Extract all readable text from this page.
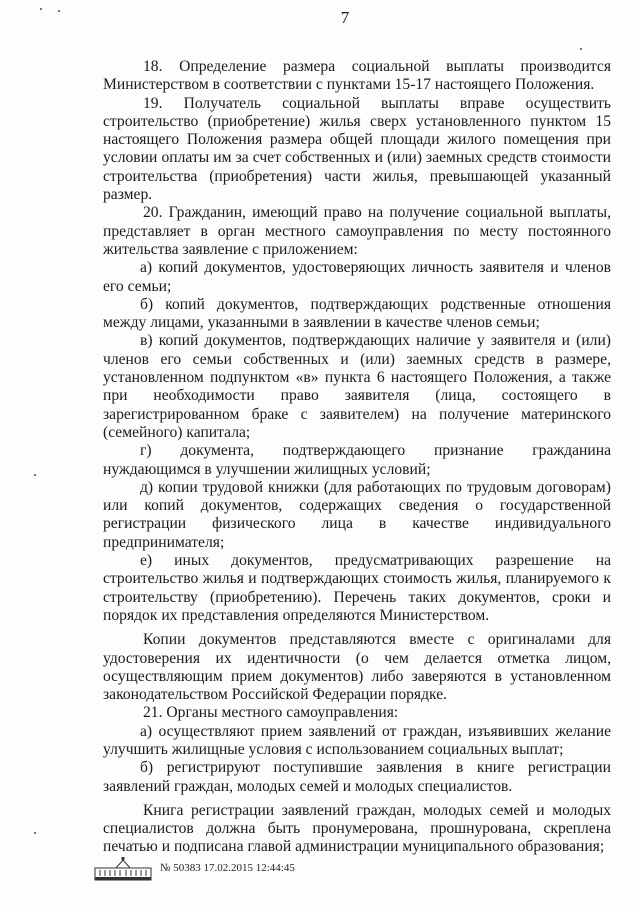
7

18. Определение размера социальной выплаты производится Министерством в соответствии с пунктами 15-17 настоящего Положения.

19. Получатель социальной выплаты вправе осуществить строительство (приобретение) жилья сверх установленного пунктом 15 настоящего Положения размера общей площади жилого помещения при условии оплаты им за счет собственных и (или) заемных средств стоимости строительства (приобретения) части жилья, превышающей указанный размер.

20. Гражданин, имеющий право на получение социальной выплаты, представляет в орган местного самоуправления по месту постоянного жительства заявление с приложением:

а) копий документов, удостоверяющих личность заявителя и членов его семьи;

б) копий документов, подтверждающих родственные отношения между лицами, указанными в заявлении в качестве членов семьи;

в) копий документов, подтверждающих наличие у заявителя и (или) членов его семьи собственных и (или) заемных средств в размере, установленном подпунктом «в» пункта 6 настоящего Положения, а также при необходимости право заявителя (лица, состоящего в зарегистрированном браке с заявителем) на получение материнского (семейного) капитала;

г) документа, подтверждающего признание гражданина нуждающимся в улучшении жилищных условий;

д) копии трудовой книжки (для работающих по трудовым договорам) или копий документов, содержащих сведения о государственной регистрации физического лица в качестве индивидуального предпринимателя;

е) иных документов, предусматривающих разрешение на строительство жилья и подтверждающих стоимость жилья, планируемого к строительству (приобретению). Перечень таких документов, сроки и порядок их представления определяются Министерством.

Копии документов представляются вместе с оригиналами для удостоверения их идентичности (о чем делается отметка лицом, осуществляющим прием документов) либо заверяются в установленном законодательством Российской Федерации порядке.

21. Органы местного самоуправления:

а) осуществляют прием заявлений от граждан, изъявивших желание улучшить жилищные условия с использованием социальных выплат;

б) регистрируют поступившие заявления в книге регистрации заявлений граждан, молодых семей и молодых специалистов.

Книга регистрации заявлений граждан, молодых семей и молодых специалистов должна быть пронумерована, прошнурована, скреплена печатью и подписана главой администрации муниципального образования;

№ 50383 17.02.2015 12:44:45
